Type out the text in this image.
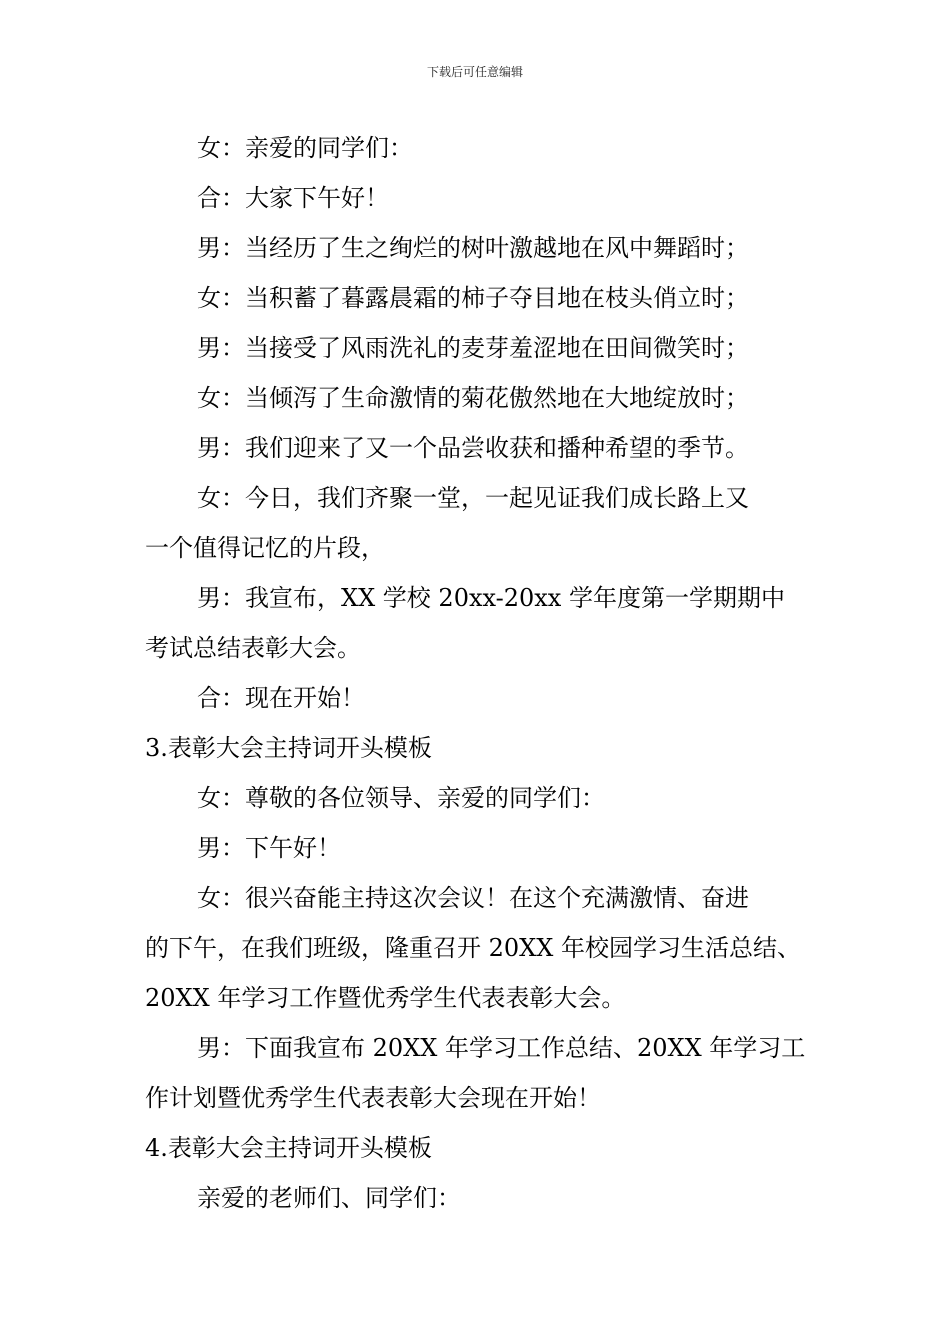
下载后可任意编辑
女：亲爱的同学们：
合：大家下午好！
男：当经历了生之绚烂的树叶激越地在风中舞蹈时；
女：当积蓄了暮露晨霜的柿子夺目地在枝头俏立时；
男：当接受了风雨洗礼的麦芽羞涩地在田间微笑时；
女：当倾泻了生命激情的菊花傲然地在大地绽放时；
男：我们迎来了又一个品尝收获和播种希望的季节。
女：今日，我们齐聚一堂，一起见证我们成长路上又
一个值得记忆的片段，
男：我宣布，XX 学校 20xx-20xx 学年度第一学期期中
考试总结表彰大会。
合：现在开始！
3.表彰大会主持词开头模板
女：尊敬的各位领导、亲爱的同学们：
男：下午好！
女：很兴奋能主持这次会议！在这个充满激情、奋进
的下午，在我们班级，隆重召开 20XX 年校园学习生活总结、
20XX 年学习工作暨优秀学生代表表彰大会。
男：下面我宣布 20XX 年学习工作总结、20XX 年学习工
作计划暨优秀学生代表表彰大会现在开始！
4.表彰大会主持词开头模板
亲爱的老师们、同学们：
